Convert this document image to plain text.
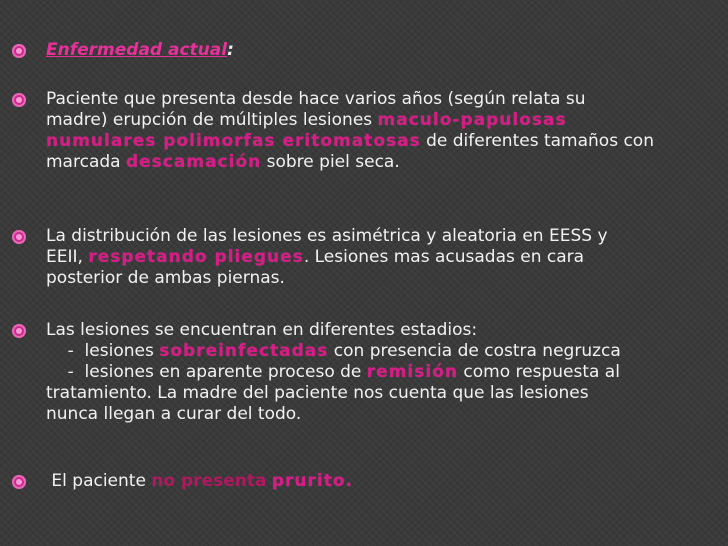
Enfermedad actual:
Paciente que presenta desde hace varios años (según relata su
madre) erupción de múltiples lesiones maculo-papulosas
numulares polimorfas eritomatosas de diferentes tamaños con
marcada descamación sobre piel seca.
La distribución de las lesiones es asimétrica y aleatoria en EESS y
EEII, respetando pliegues. Lesiones mas acusadas en cara
posterior de ambas piernas.
Las lesiones se encuentran en diferentes estadios:
-  lesiones sobreinfectadas con presencia de costra negruzca
-  lesiones en aparente proceso de remisión como respuesta al
tratamiento. La madre del paciente nos cuenta que las lesiones
nunca llegan a curar del todo.
El paciente no presenta prurito.
